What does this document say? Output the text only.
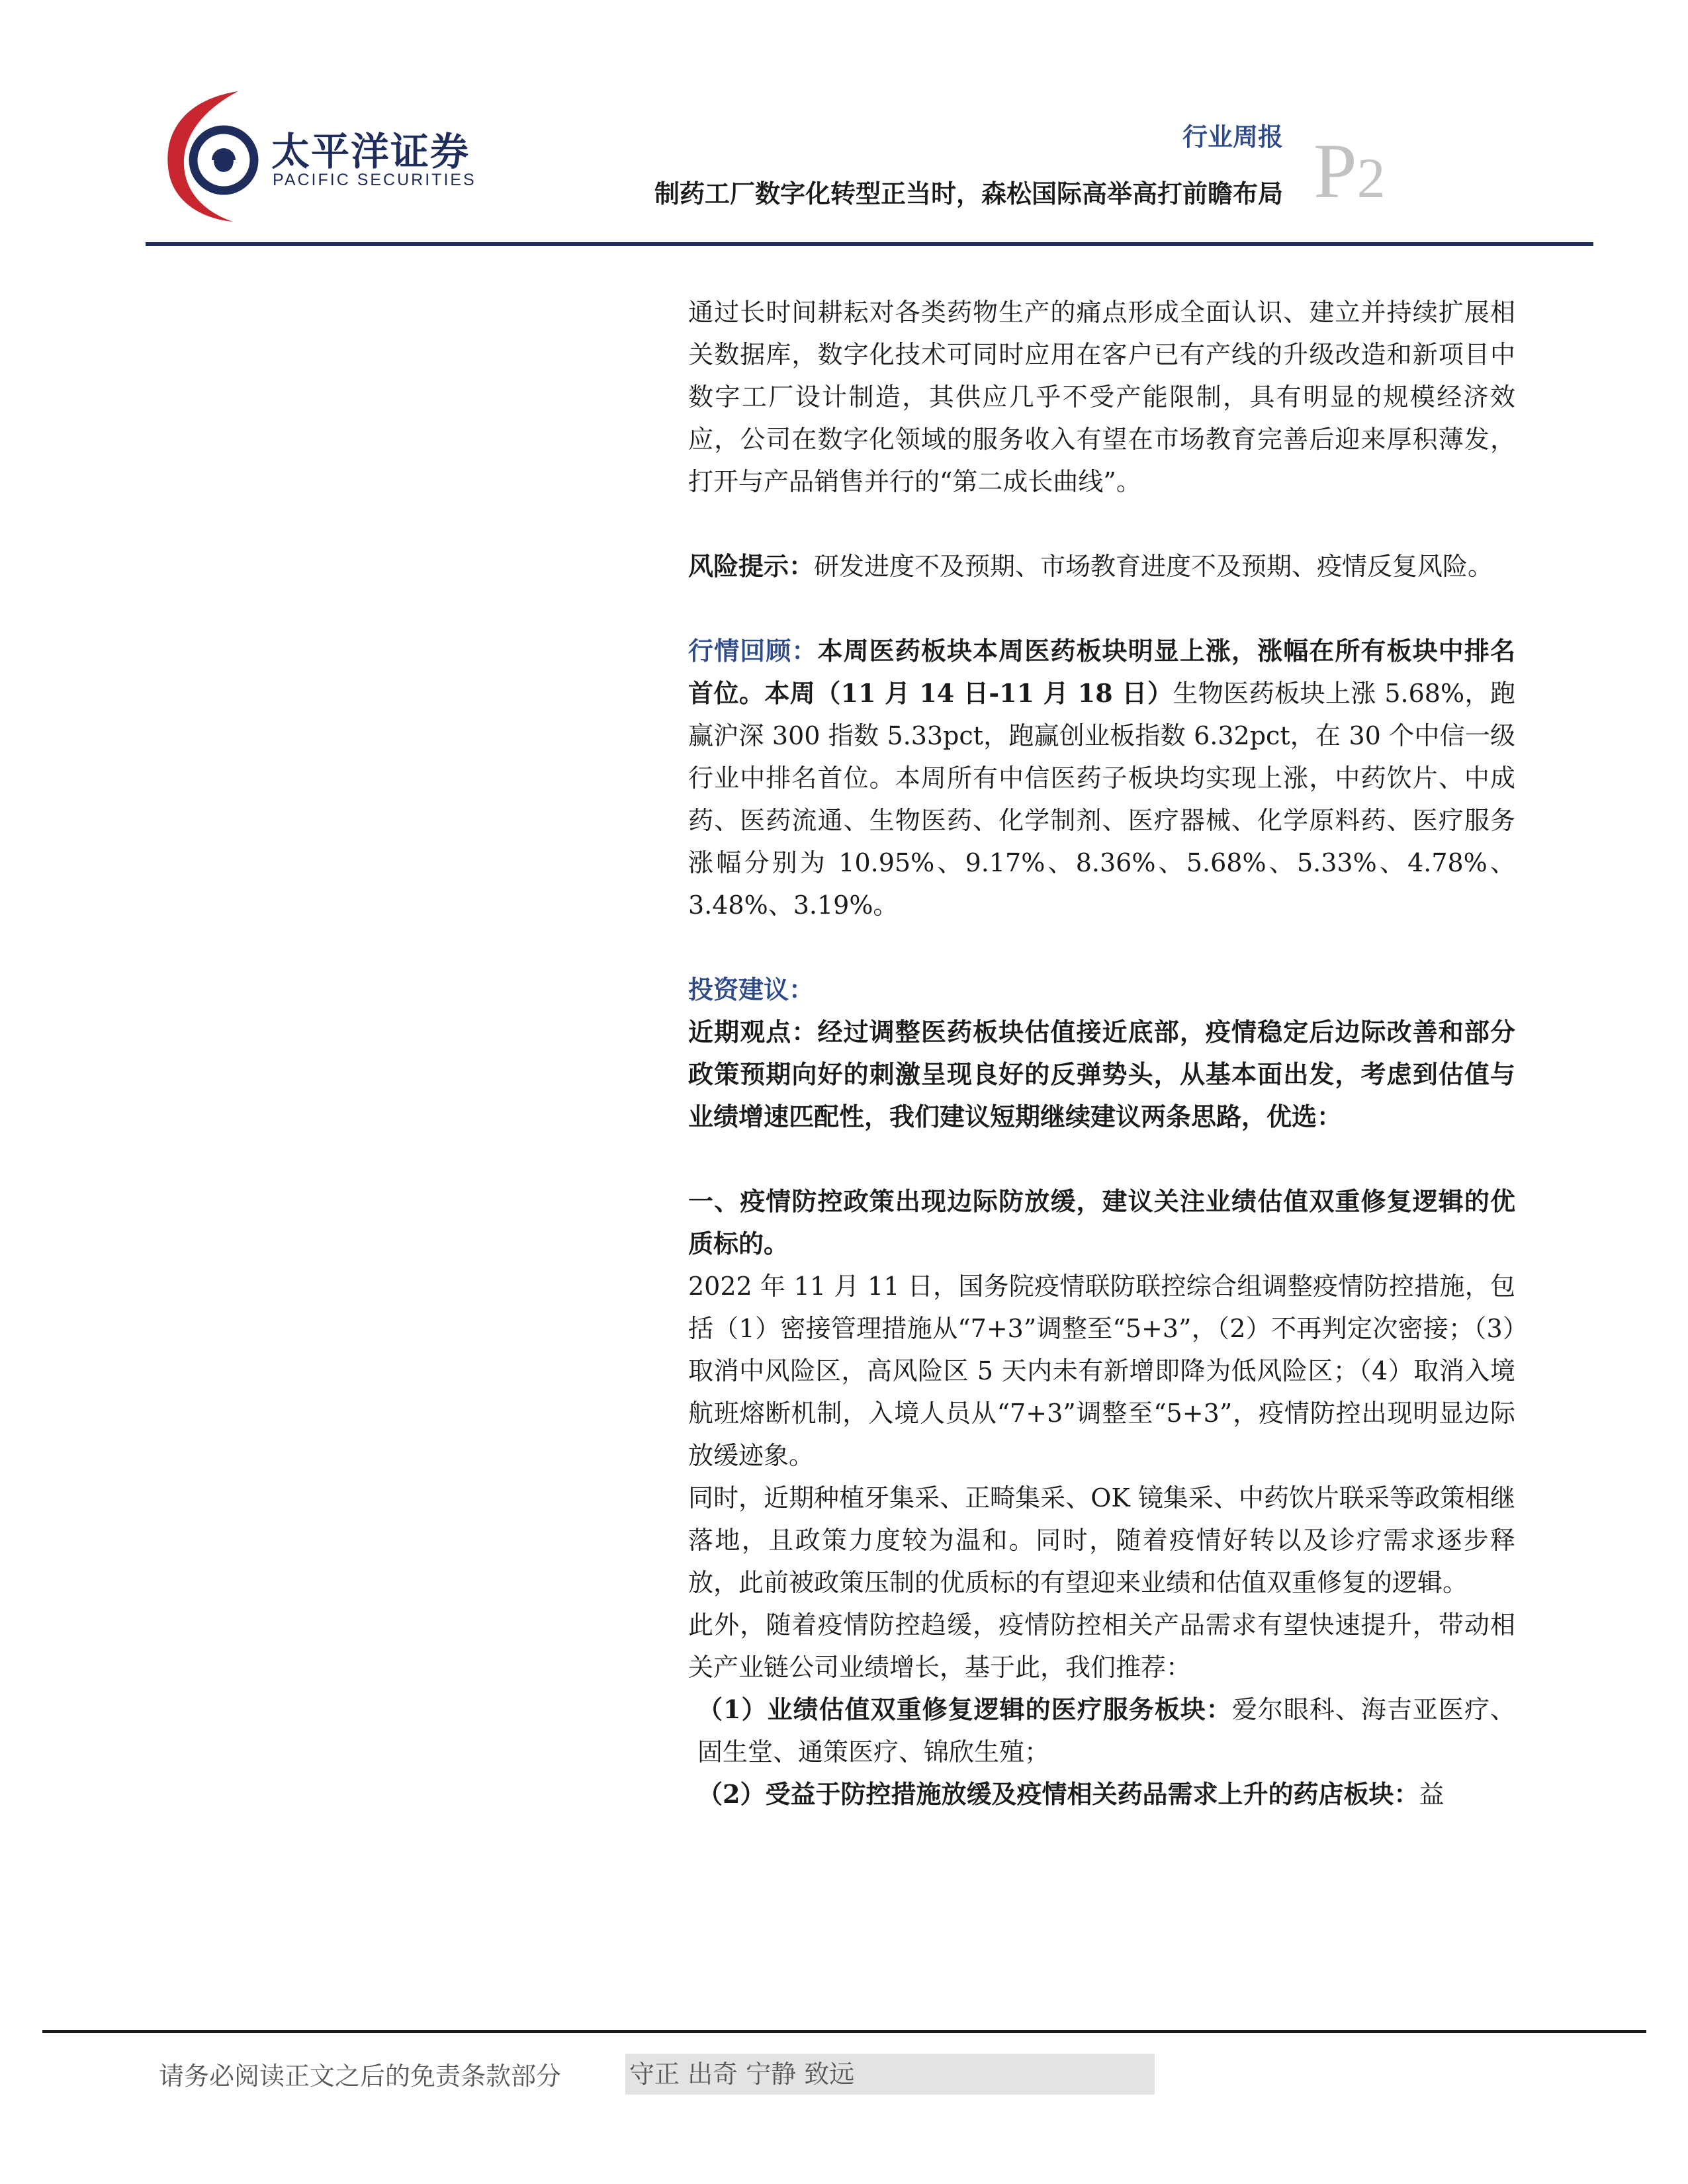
太平洋证券
PACIFIC SECURITIES
行业周报
制药工厂数字化转型正当时，森松国际高举高打前瞻布局 P2

通过长时间耕耘对各类药物生产的痛点形成全面认识、建立并持续扩展相关数据库，数字化技术可同时应用在客户已有产线的升级改造和新项目中数字工厂设计制造，其供应几乎不受产能限制，具有明显的规模经济效应，公司在数字化领域的服务收入有望在市场教育完善后迎来厚积薄发，打开与产品销售并行的“第二成长曲线”。

风险提示：研发进度不及预期、市场教育进度不及预期、疫情反复风险。

行情回顾：本周医药板块本周医药板块明显上涨，涨幅在所有板块中排名首位。本周（11 月 14 日-11 月 18 日）生物医药板块上涨 5.68%，跑赢沪深 300 指数 5.33pct，跑赢创业板指数 6.32pct，在 30 个中信一级行业中排名首位。本周所有中信医药子板块均实现上涨，中药饮片、中成药、医药流通、生物医药、化学制剂、医疗器械、化学原料药、医疗服务涨幅分别为 10.95%、9.17%、8.36%、5.68%、5.33%、4.78%、3.48%、3.19%。

投资建议：

近期观点：经过调整医药板块估值接近底部，疫情稳定后边际改善和部分政策预期向好的刺激呈现良好的反弹势头，从基本面出发，考虑到估值与业绩增速匹配性，我们建议短期继续建议两条思路，优选：

一、疫情防控政策出现边际防放缓，建议关注业绩估值双重修复逻辑的优质标的。

2022 年 11 月 11 日，国务院疫情联防联控综合组调整疫情防控措施，包括（1）密接管理措施从“7+3”调整至“5+3”，（2）不再判定次密接；（3）取消中风险区，高风险区 5 天内未有新增即降为低风险区；（4）取消入境航班熔断机制，入境人员从“7+3”调整至“5+3”，疫情防控出现明显边际放缓迹象。

同时，近期种植牙集采、正畸集采、OK 镜集采、中药饮片联采等政策相继落地，且政策力度较为温和。同时，随着疫情好转以及诊疗需求逐步释放，此前被政策压制的优质标的有望迎来业绩和估值双重修复的逻辑。

此外，随着疫情防控趋缓，疫情防控相关产品需求有望快速提升，带动相关产业链公司业绩增长，基于此，我们推荐：

（1）业绩估值双重修复逻辑的医疗服务板块：爱尔眼科、海吉亚医疗、固生堂、通策医疗、锦欣生殖；

（2）受益于防控措施放缓及疫情相关药品需求上升的药店板块：益

请务必阅读正文之后的免责条款部分	守正 出奇 宁静 致远
